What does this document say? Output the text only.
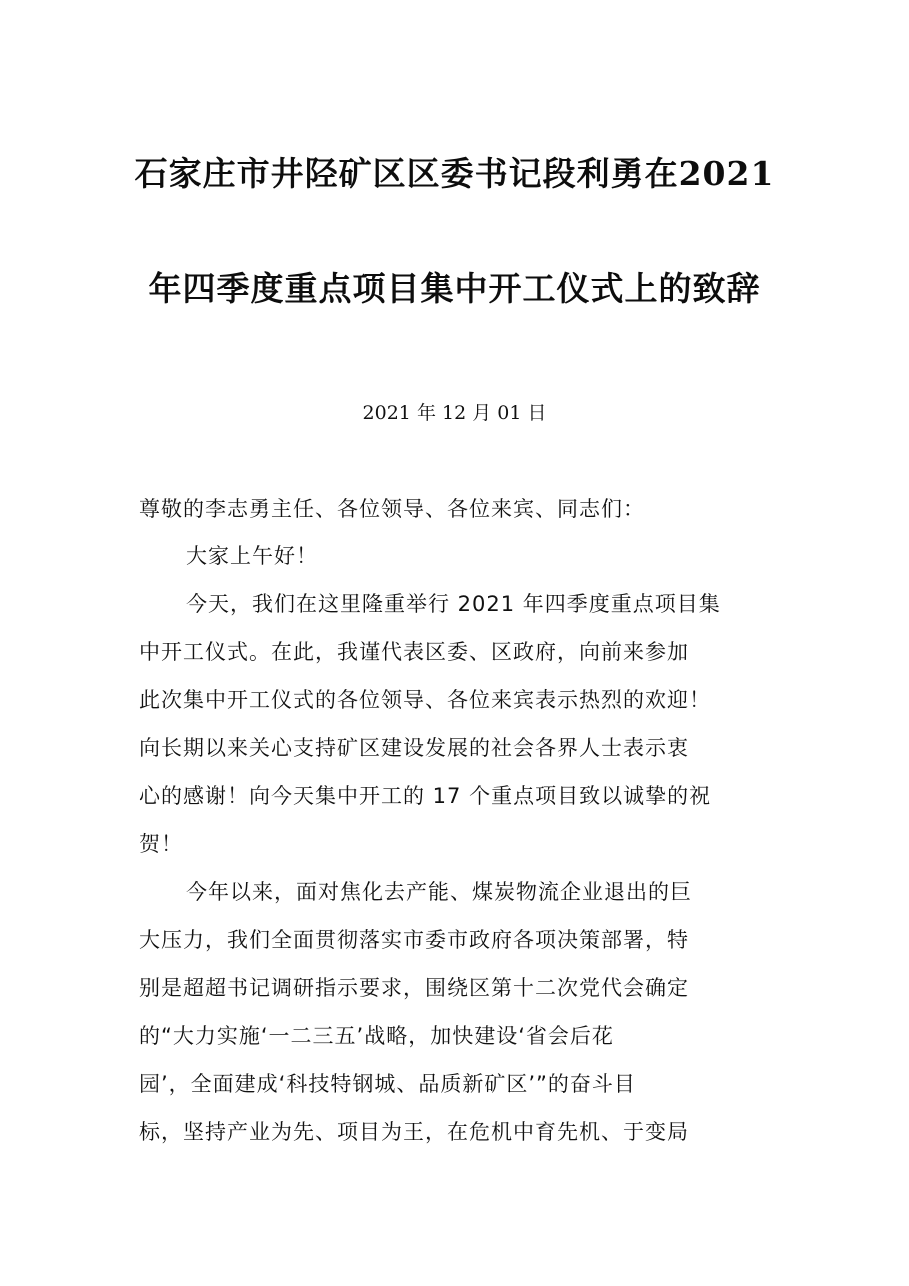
石家庄市井陉矿区区委书记段利勇在2021
年四季度重点项目集中开工仪式上的致辞
2021 年 12 月 01 日
尊敬的李志勇主任、各位领导、各位来宾、同志们：
大家上午好！
今天，我们在这里隆重举行 2021 年四季度重点项目集
中开工仪式。在此，我谨代表区委、区政府，向前来参加
此次集中开工仪式的各位领导、各位来宾表示热烈的欢迎！
向长期以来关心支持矿区建设发展的社会各界人士表示衷
心的感谢！向今天集中开工的 17 个重点项目致以诚挚的祝
贺！
今年以来，面对焦化去产能、煤炭物流企业退出的巨
大压力，我们全面贯彻落实市委市政府各项决策部署，特
别是超超书记调研指示要求，围绕区第十二次党代会确定
的“大力实施‘一二三五’战略，加快建设‘省会后花
园’，全面建成‘科技特钢城、品质新矿区’”的奋斗目
标，坚持产业为先、项目为王，在危机中育先机、于变局
